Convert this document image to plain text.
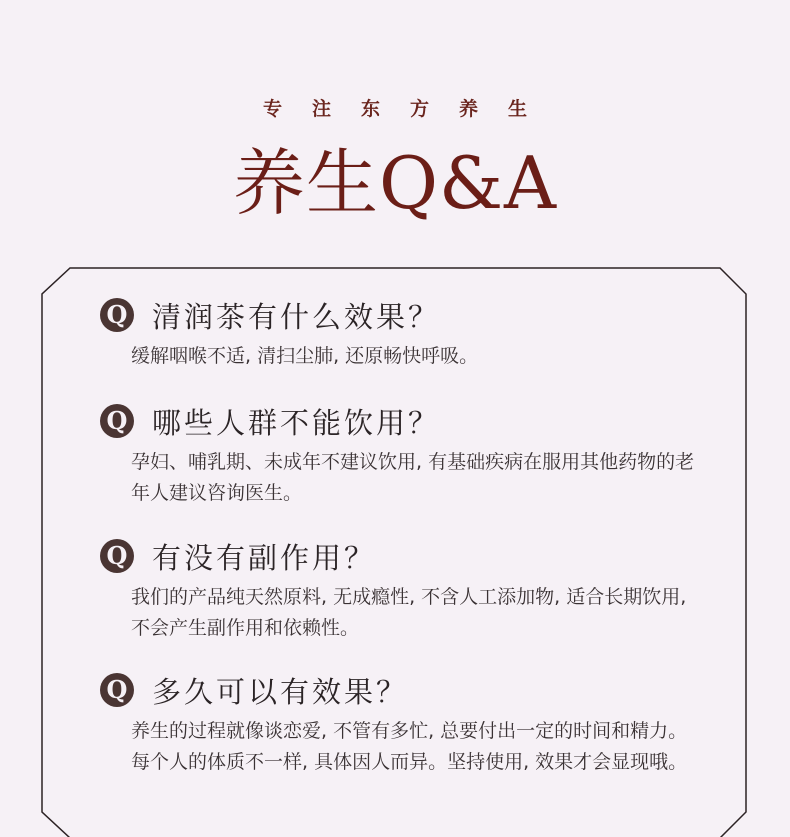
专注东方养生
养生Q&A
Q 清润茶有什么效果？
缓解咽喉不适, 清扫尘肺, 还原畅快呼吸。
Q 哪些人群不能饮用？
孕妇、哺乳期、未成年不建议饮用, 有基础疾病在服用其他药物的老年人建议咨询医生。
Q 有没有副作用？
我们的产品纯天然原料, 无成瘾性, 不含人工添加物, 适合长期饮用, 不会产生副作用和依赖性。
Q 多久可以有效果？
养生的过程就像谈恋爱, 不管有多忙, 总要付出一定的时间和精力。每个人的体质不一样, 具体因人而异。坚持使用, 效果才会显现哦。
